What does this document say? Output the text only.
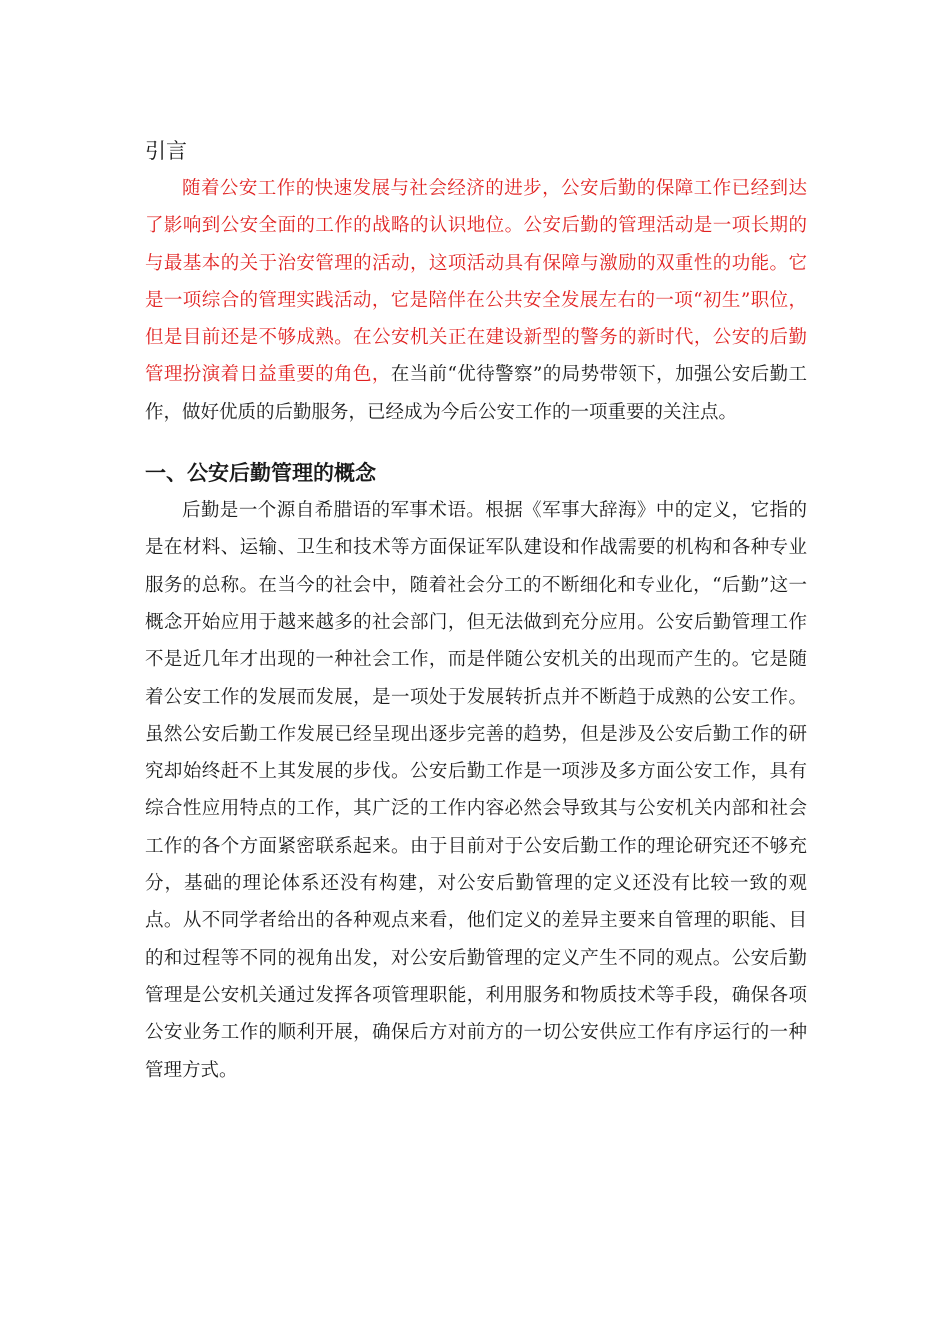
引言

随着公安工作的快速发展与社会经济的进步，公安后勤的保障工作已经到达了影响到公安全面的工作的战略的认识地位。公安后勤的管理活动是一项长期的与最基本的关于治安管理的活动，这项活动具有保障与激励的双重性的功能。它是一项综合的管理实践活动，它是陪伴在公共安全发展左右的一项“初生”职位，但是目前还是不够成熟。在公安机关正在建设新型的警务的新时代，公安的后勤管理扮演着日益重要的角色，在当前“优待警察”的局势带领下，加强公安后勤工作，做好优质的后勤服务，已经成为今后公安工作的一项重要的关注点。

一、公安后勤管理的概念

后勤是一个源自希腊语的军事术语。根据《军事大辞海》中的定义，它指的是在材料、运输、卫生和技术等方面保证军队建设和作战需要的机构和各种专业服务的总称。在当今的社会中，随着社会分工的不断细化和专业化，“后勤”这一概念开始应用于越来越多的社会部门，但无法做到充分应用。公安后勤管理工作不是近几年才出现的一种社会工作，而是伴随公安机关的出现而产生的。它是随着公安工作的发展而发展，是一项处于发展转折点并不断趋于成熟的公安工作。虽然公安后勤工作发展已经呈现出逐步完善的趋势，但是涉及公安后勤工作的研究却始终赶不上其发展的步伐。公安后勤工作是一项涉及多方面公安工作，具有综合性应用特点的工作，其广泛的工作内容必然会导致其与公安机关内部和社会工作的各个方面紧密联系起来。由于目前对于公安后勤工作的理论研究还不够充分，基础的理论体系还没有构建，对公安后勤管理的定义还没有比较一致的观点。从不同学者给出的各种观点来看，他们定义的差异主要来自管理的职能、目的和过程等不同的视角出发，对公安后勤管理的定义产生不同的观点。公安后勤管理是公安机关通过发挥各项管理职能，利用服务和物质技术等手段，确保各项公安业务工作的顺利开展，确保后方对前方的一切公安供应工作有序运行的一种管理方式。
